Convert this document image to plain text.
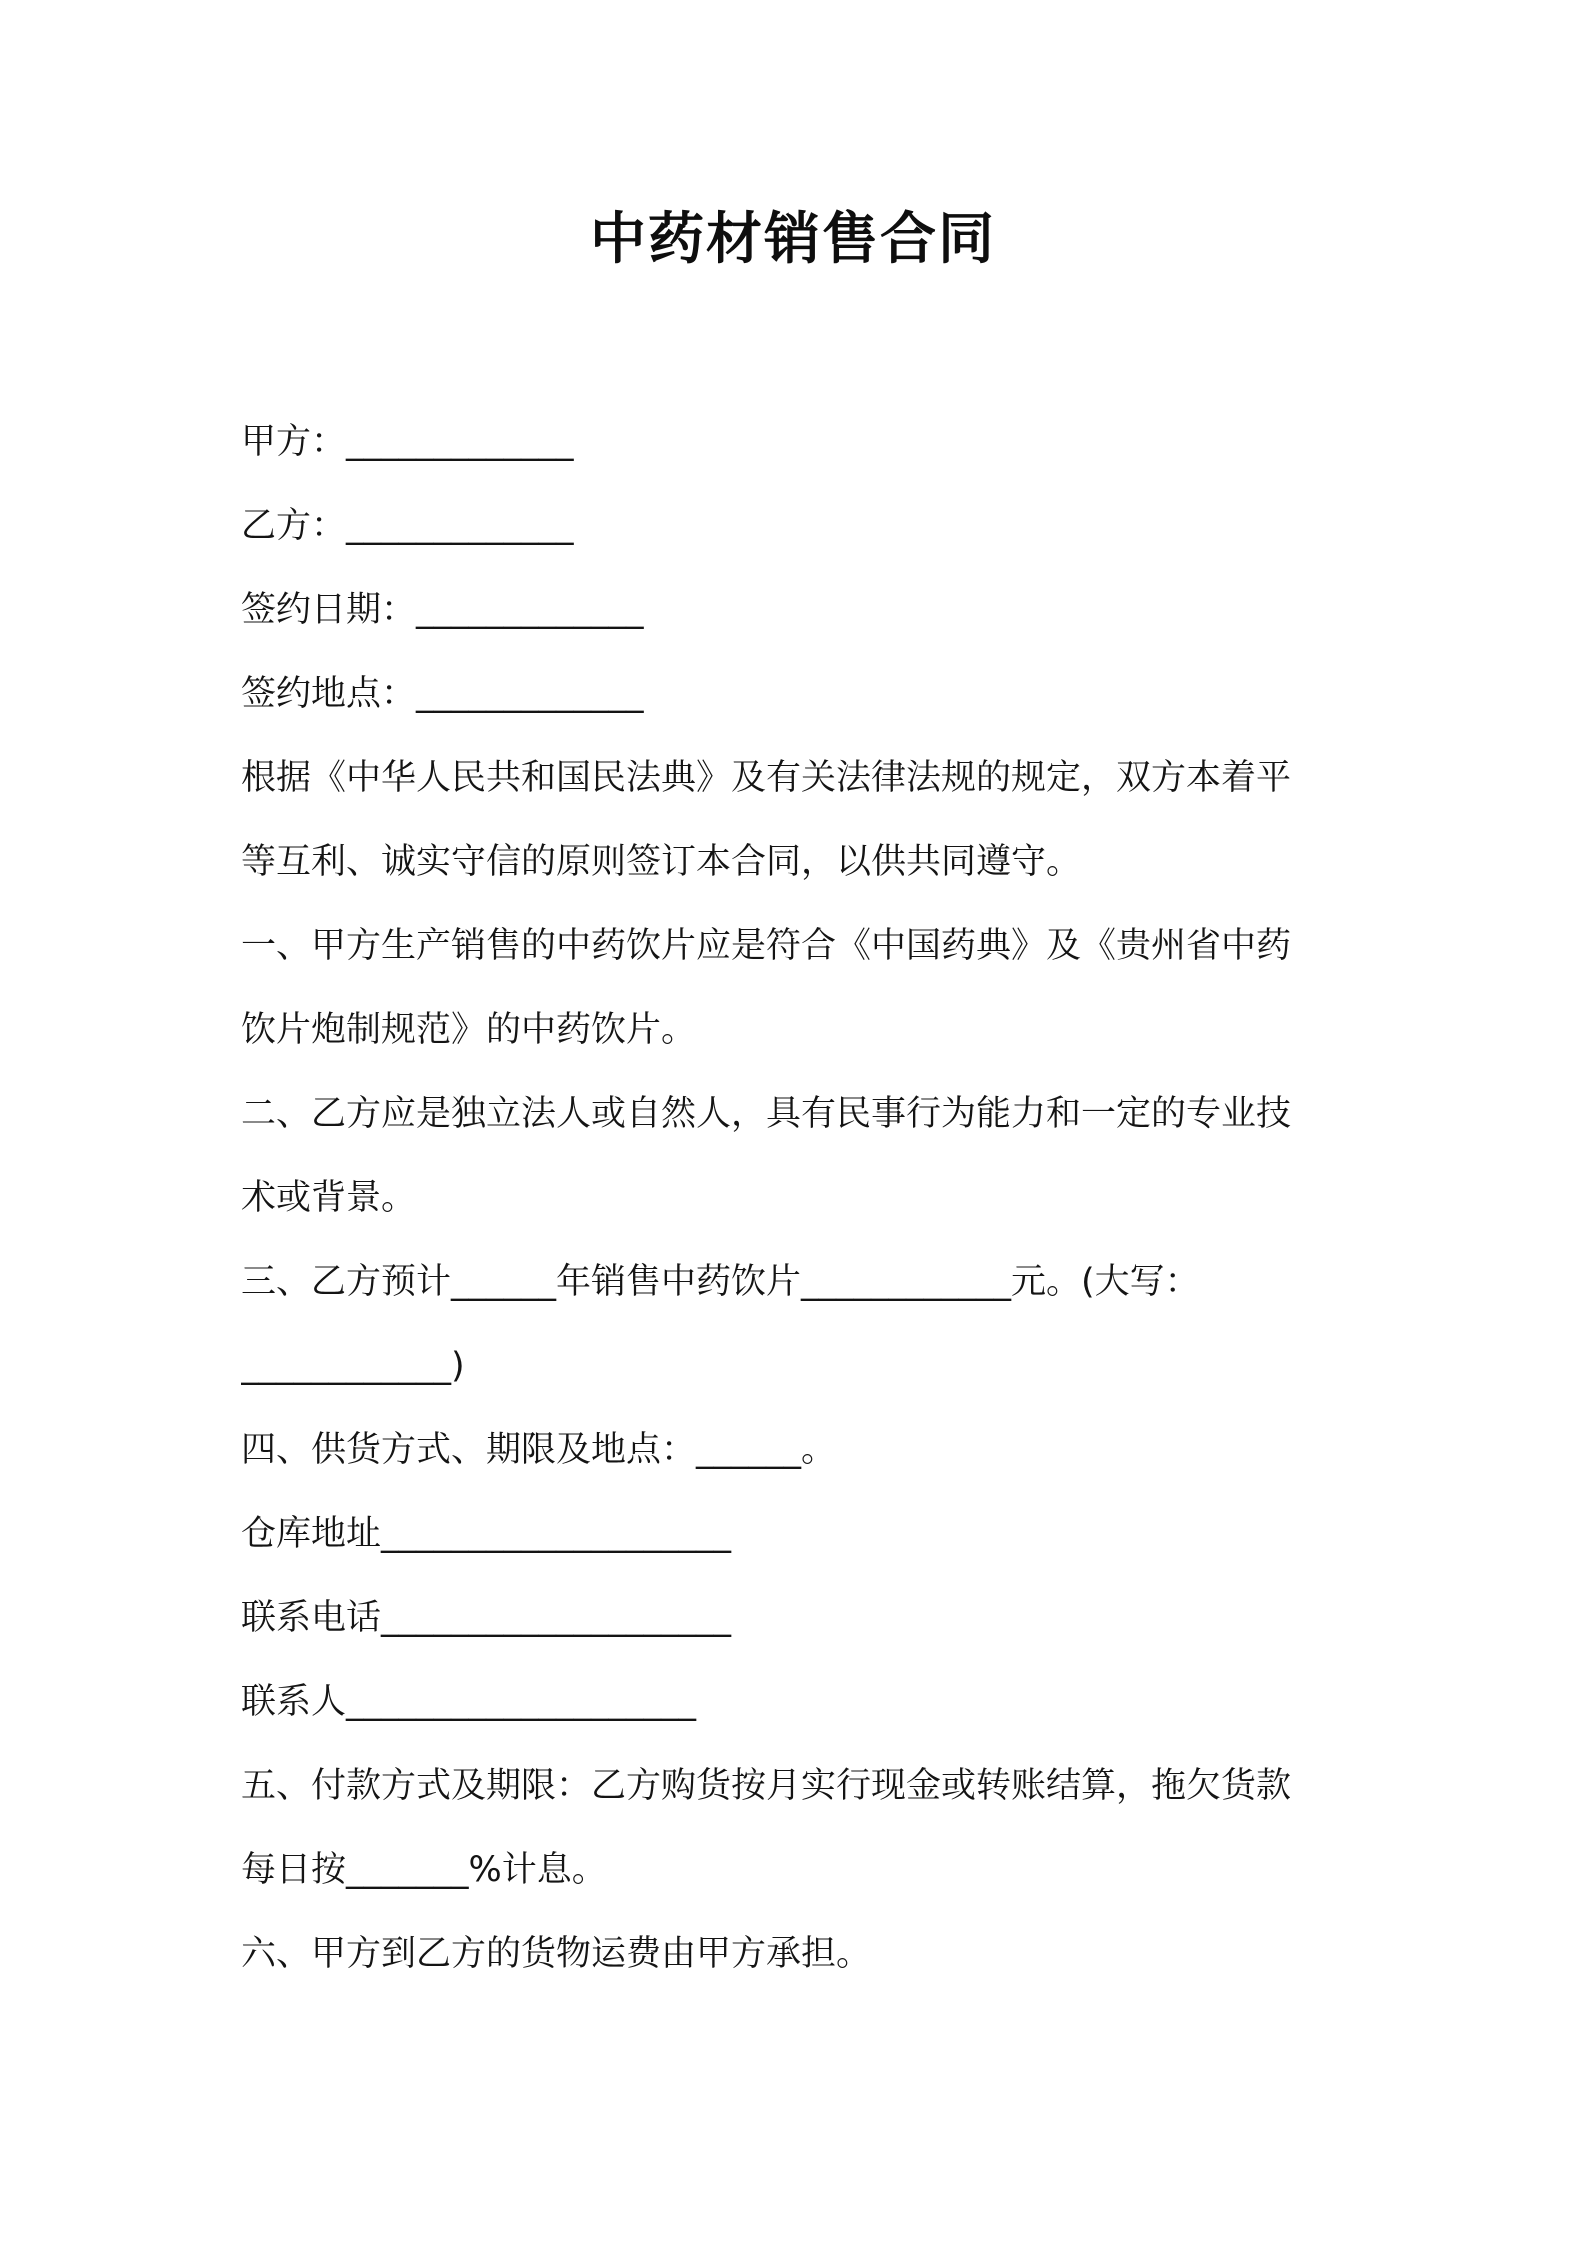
中药材销售合同
甲方：_____________
乙方：_____________
签约日期：_____________
签约地点：_____________
根据《中华人民共和国民法典》及有关法律法规的规定，双方本着平
等互利、诚实守信的原则签订本合同，以供共同遵守。
一、甲方生产销售的中药饮片应是符合《中国药典》及《贵州省中药
饮片炮制规范》的中药饮片。
二、乙方应是独立法人或自然人，具有民事行为能力和一定的专业技
术或背景。
三、乙方预计______年销售中药饮片____________元。(大写：
____________)
四、供货方式、期限及地点：______。
仓库地址____________________
联系电话____________________
联系人____________________
五、付款方式及期限：乙方购货按月实行现金或转账结算，拖欠货款
每日按_______%计息。
六、甲方到乙方的货物运费由甲方承担。
